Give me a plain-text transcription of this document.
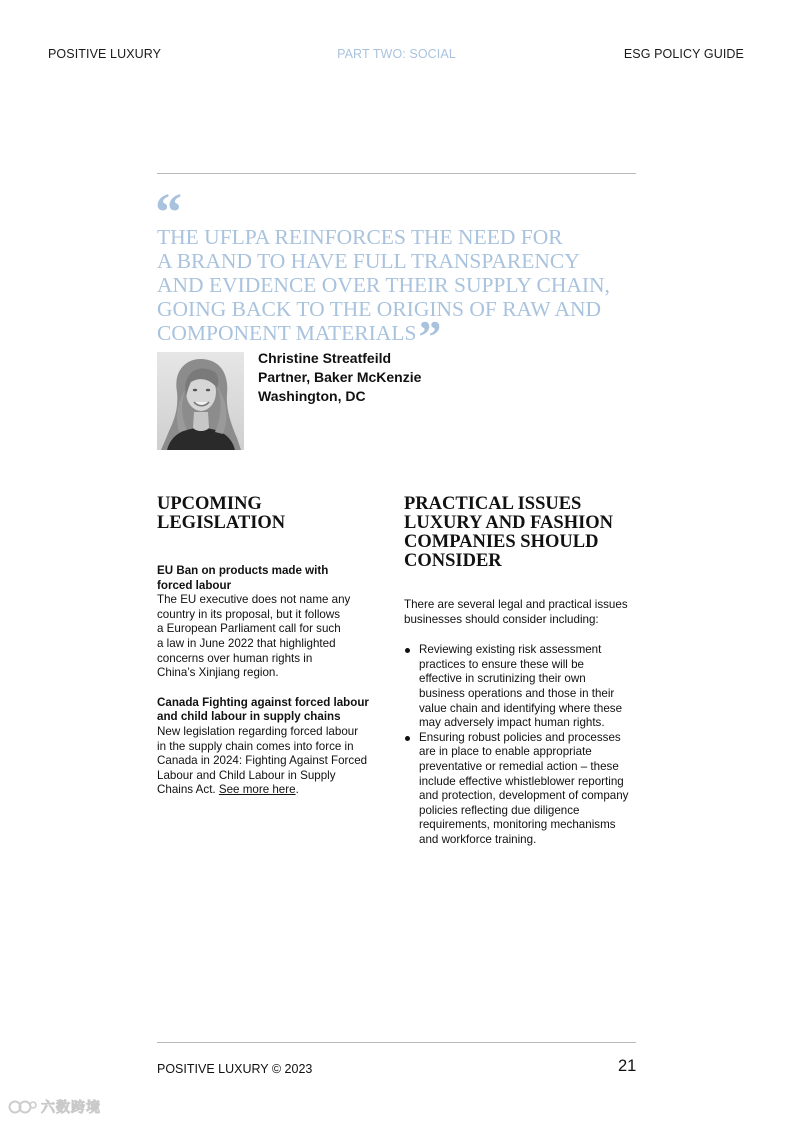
POSITIVE LUXURY	PART TWO: SOCIAL	ESG POLICY GUIDE
“

THE UFLPA REINFORCES THE NEED FOR
A BRAND TO HAVE FULL TRANSPARENCY
AND EVIDENCE OVER THEIR SUPPLY CHAIN,
GOING BACK TO THE ORIGINS OF RAW AND
COMPONENT MATERIALS”

Christine Streatfeild
Partner, Baker McKenzie
Washington, DC
UPCOMING
LEGISLATION
EU Ban on products made with
forced labour
The EU executive does not name any
country in its proposal, but it follows
a European Parliament call for such
a law in June 2022 that highlighted
concerns over human rights in
China’s Xinjiang region.
Canada Fighting against forced labour
and child labour in supply chains
New legislation regarding forced labour
in the supply chain comes into force in
Canada in 2024: Fighting Against Forced
Labour and Child Labour in Supply
Chains Act. See more here.
PRACTICAL ISSUES
LUXURY AND FASHION
COMPANIES SHOULD
CONSIDER
There are several legal and practical issues
businesses should consider including:
Reviewing existing risk assessment
practices to ensure these will be
effective in scrutinizing their own
business operations and those in their
value chain and identifying where these
may adversely impact human rights.
Ensuring robust policies and processes
are in place to enable appropriate
preventative or remedial action – these
include effective whistleblower reporting
and protection, development of company
policies reflecting due diligence
requirements, monitoring mechanisms
and workforce training.
POSITIVE LUXURY © 2023	21
六数跨境
